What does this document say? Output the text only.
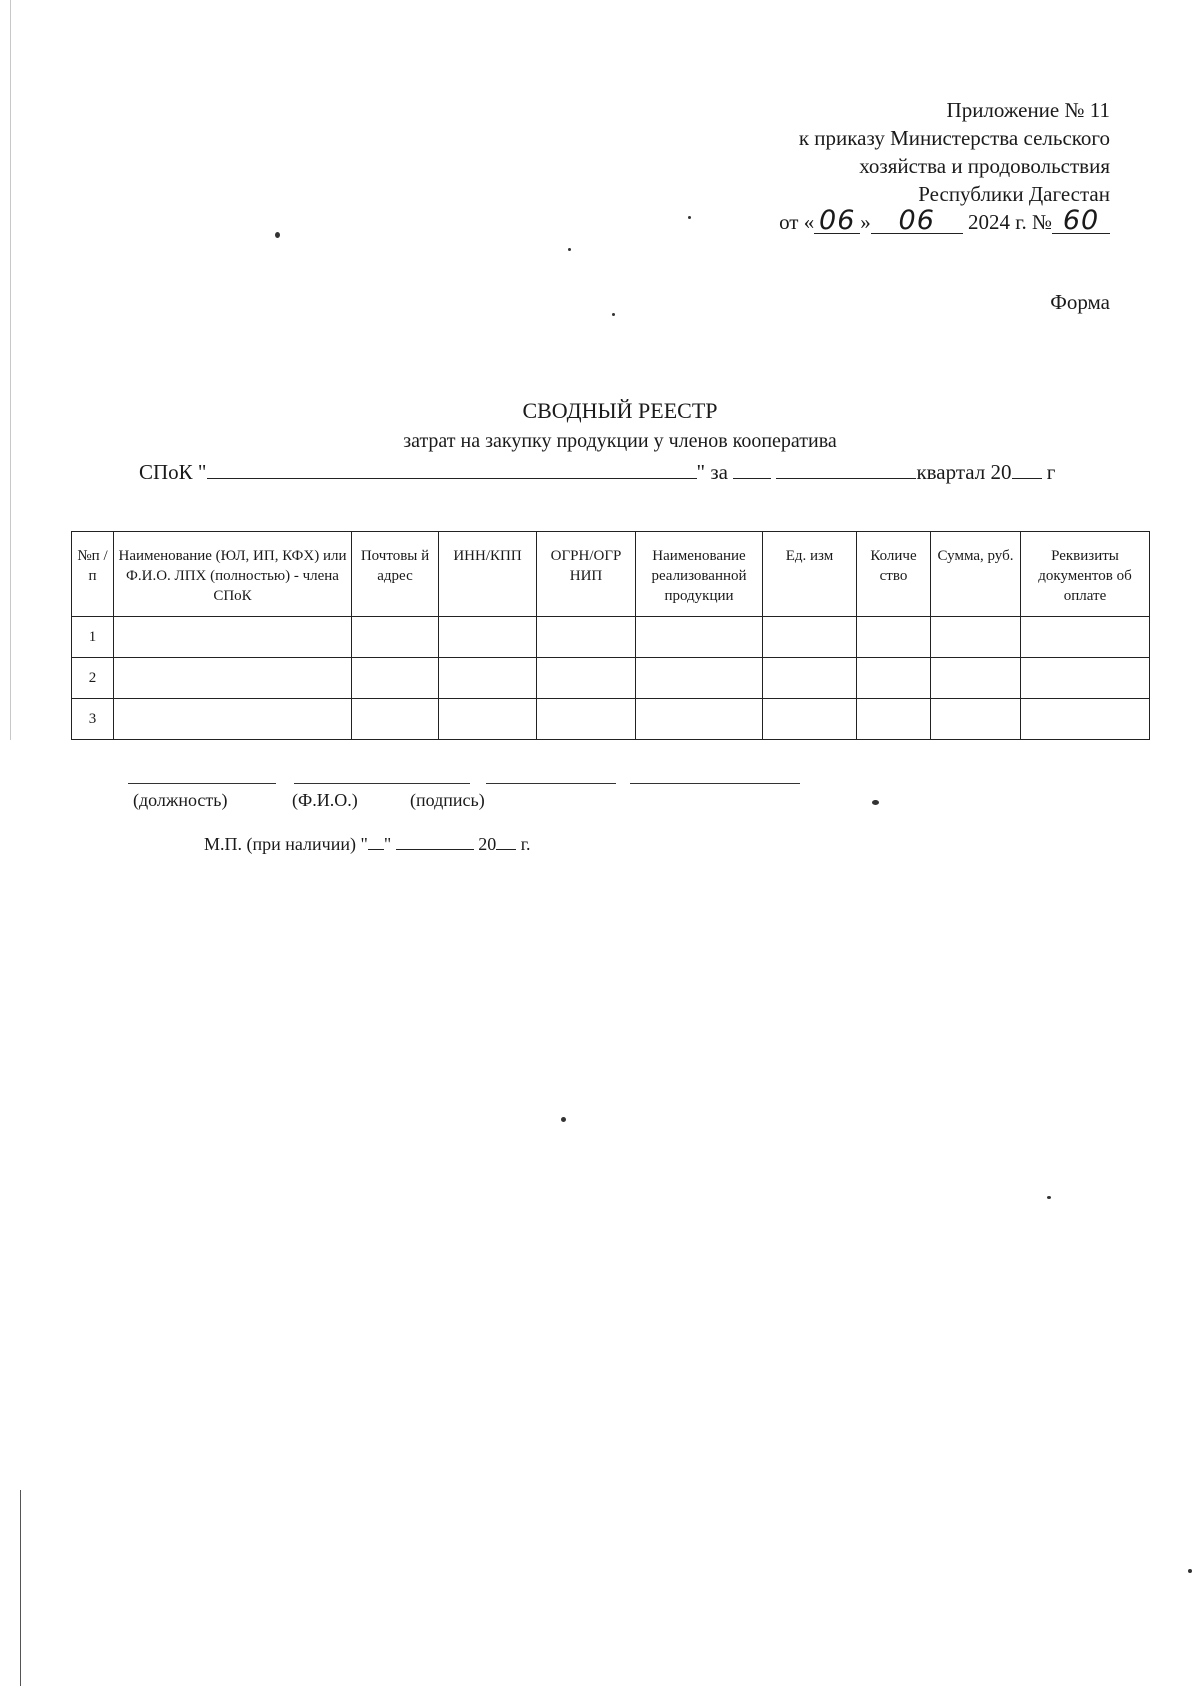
Приложение № 11
к приказу Министерства сельского
хозяйства и продовольствия
Республики Дагестан
от « 06 » 06 2024 г. № 60
Форма
СВОДНЫЙ РЕЕСТР
затрат на закупку продукции у членов кооператива
СПоК "	" за	квартал 20 г
№п /п	Наименование (ЮЛ, ИП, КФХ) или Ф.И.О. ЛПХ (полностью) - члена СПоК	Почтовы й адрес	ИНН/КПП	ОГРН/ОГР НИП	Наименование реализованной продукции	Ед. изм	Количе ство	Сумма, руб.	Реквизиты документов об оплате
1									
2									
3									
(должность)	(Ф.И.О.)	(подпись)
М.П. (при наличии) " "	20 г.
